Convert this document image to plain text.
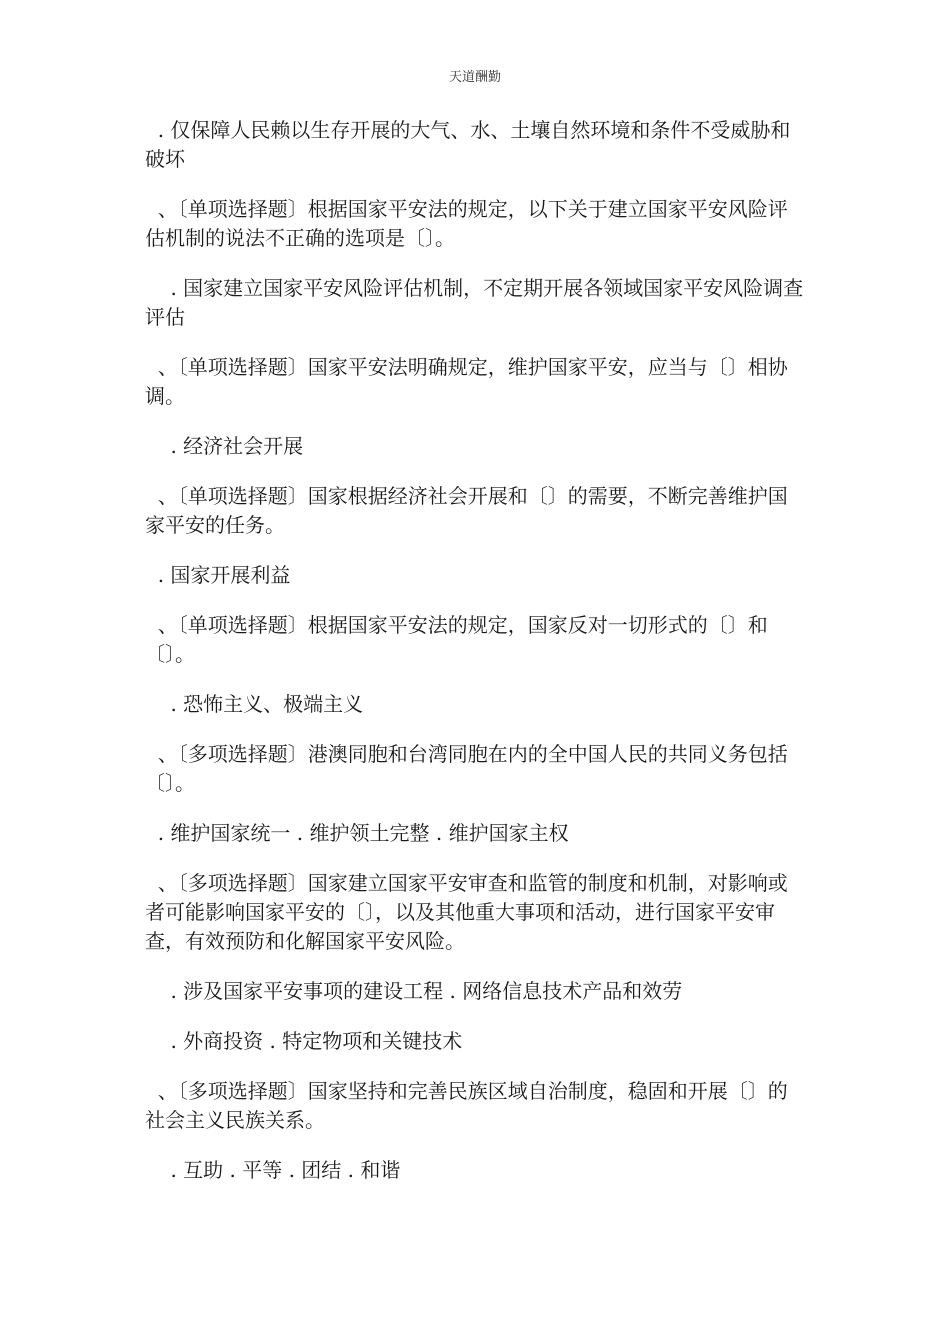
天道酬勤

. 仅保障人民赖以生存开展的大气、水、土壤自然环境和条件不受威胁和破坏

、〔单项选择题〕根据国家平安法的规定，以下关于建立国家平安风险评估机制的说法不正确的选项是〔〕。

. 国家建立国家平安风险评估机制，不定期开展各领域国家平安风险调查评估

、〔单项选择题〕国家平安法明确规定，维护国家平安，应当与〔〕相协调。

. 经济社会开展

、〔单项选择题〕国家根据经济社会开展和〔〕的需要，不断完善维护国家平安的任务。

. 国家开展利益

、〔单项选择题〕根据国家平安法的规定，国家反对一切形式的〔〕和〔〕。

. 恐怖主义、极端主义

、〔多项选择题〕港澳同胞和台湾同胞在内的全中国人民的共同义务包括〔〕。

. 维护国家统一 . 维护领土完整 . 维护国家主权

、〔多项选择题〕国家建立国家平安审查和监管的制度和机制，对影响或者可能影响国家平安的〔〕，以及其他重大事项和活动，进行国家平安审查，有效预防和化解国家平安风险。

. 涉及国家平安事项的建设工程 . 网络信息技术产品和效劳

. 外商投资 . 特定物项和关键技术

、〔多项选择题〕国家坚持和完善民族区域自治制度，稳固和开展〔〕的社会主义民族关系。

. 互助 . 平等 . 团结 . 和谐
